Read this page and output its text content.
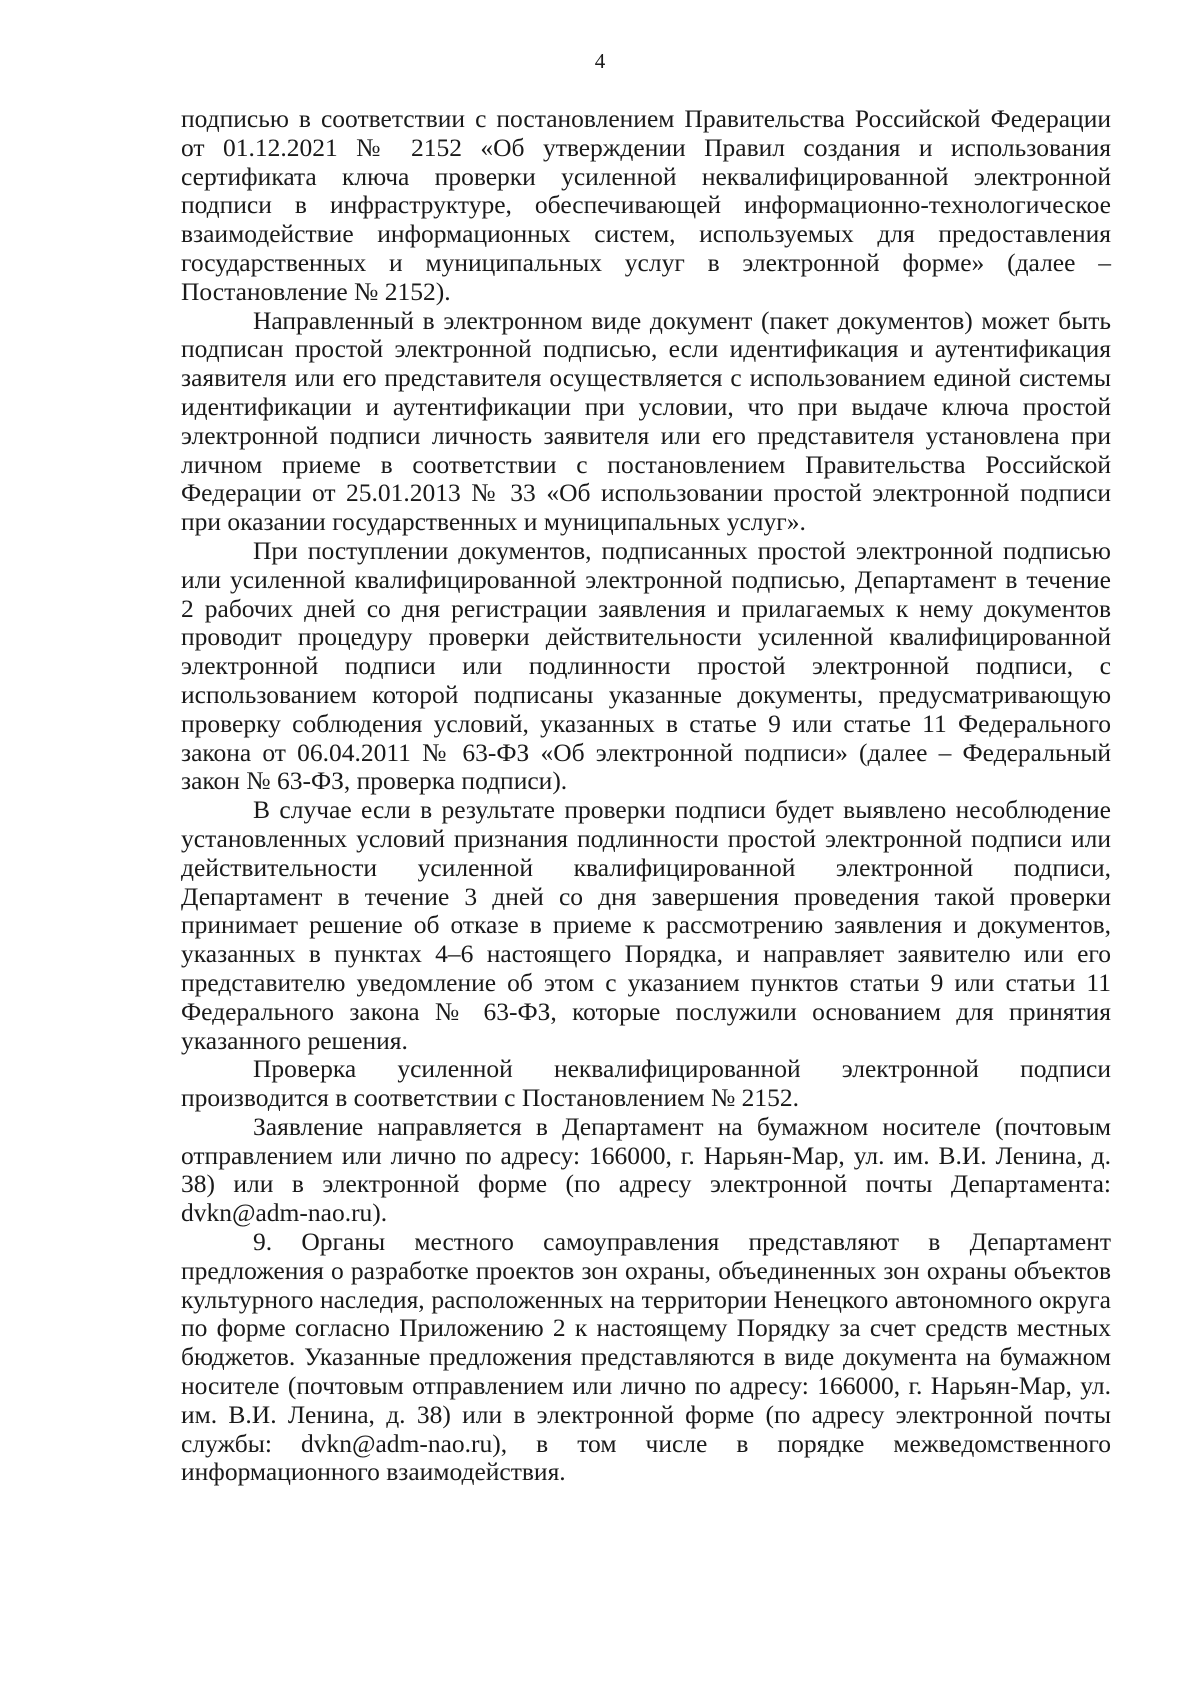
4

подписью в соответствии с постановлением Правительства Российской Федерации от 01.12.2021 № 2152 «Об утверждении Правил создания и использования сертификата ключа проверки усиленной неквалифицированной электронной подписи в инфраструктуре, обеспечивающей информационно-технологическое взаимодействие информационных систем, используемых для предоставления государственных и муниципальных услуг в электронной форме» (далее – Постановление № 2152).

Направленный в электронном виде документ (пакет документов) может быть подписан простой электронной подписью, если идентификация и аутентификация заявителя или его представителя осуществляется с использованием единой системы идентификации и аутентификации при условии, что при выдаче ключа простой электронной подписи личность заявителя или его представителя установлена при личном приеме в соответствии с постановлением Правительства Российской Федерации от 25.01.2013 № 33 «Об использовании простой электронной подписи при оказании государственных и муниципальных услуг».

При поступлении документов, подписанных простой электронной подписью или усиленной квалифицированной электронной подписью, Департамент в течение 2 рабочих дней со дня регистрации заявления и прилагаемых к нему документов проводит процедуру проверки действительности усиленной квалифицированной электронной подписи или подлинности простой электронной подписи, с использованием которой подписаны указанные документы, предусматривающую проверку соблюдения условий, указанных в статье 9 или статье 11 Федерального закона от 06.04.2011 № 63-ФЗ «Об электронной подписи» (далее – Федеральный закон № 63-ФЗ, проверка подписи).

В случае если в результате проверки подписи будет выявлено несоблюдение установленных условий признания подлинности простой электронной подписи или действительности усиленной квалифицированной электронной подписи, Департамент в течение 3 дней со дня завершения проведения такой проверки принимает решение об отказе в приеме к рассмотрению заявления и документов, указанных в пунктах 4–6 настоящего Порядка, и направляет заявителю или его представителю уведомление об этом с указанием пунктов статьи 9 или статьи 11 Федерального закона № 63-ФЗ, которые послужили основанием для принятия указанного решения.

Проверка усиленной неквалифицированной электронной подписи производится в соответствии с Постановлением № 2152.

Заявление направляется в Департамент на бумажном носителе (почтовым отправлением или лично по адресу: 166000, г. Нарьян-Мар, ул. им. В.И. Ленина, д. 38) или в электронной форме (по адресу электронной почты Департамента: dvkn@adm-nao.ru).

9. Органы местного самоуправления представляют в Департамент предложения о разработке проектов зон охраны, объединенных зон охраны объектов культурного наследия, расположенных на территории Ненецкого автономного округа по форме согласно Приложению 2 к настоящему Порядку за счет средств местных бюджетов. Указанные предложения представляются в виде документа на бумажном носителе (почтовым отправлением или лично по адресу: 166000, г. Нарьян-Мар, ул. им. В.И. Ленина, д. 38) или в электронной форме (по адресу электронной почты службы: dvkn@adm-nao.ru), в том числе в порядке межведомственного информационного взаимодействия.
